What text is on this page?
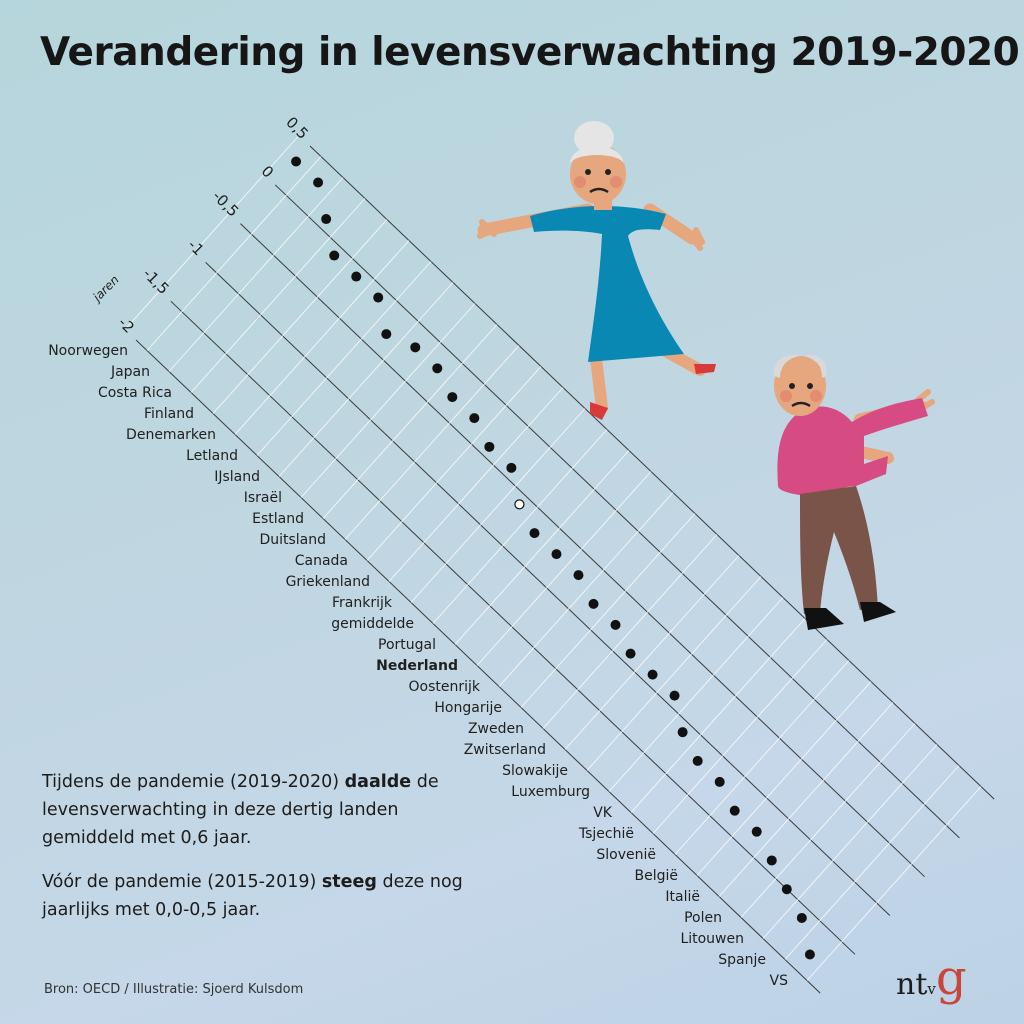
Verandering in levensverwachting 2019-2020
0,5
0
-0,5
-1
-1,5
-2
jaren
Noorwegen
Japan
Costa Rica
Finland
Denemarken
Letland
IJsland
Israël
Estland
Duitsland
Canada
Griekenland
Frankrijk
gemiddelde
Portugal
Nederland
Oostenrijk
Hongarije
Zweden
Zwitserland
Slowakije
Luxemburg
VK
Tsjechië
Slovenië
België
Italië
Polen
Litouwen
Spanje
VS

Tijdens de pandemie (2019-2020) daalde de levensverwachting in deze dertig landen gemiddeld met 0,6 jaar.

Vóór de pandemie (2015-2019) steeg deze nog jaarlijks met 0,0-0,5 jaar.

Bron: OECD / Illustratie: Sjoerd Kulsdom	ntvg
